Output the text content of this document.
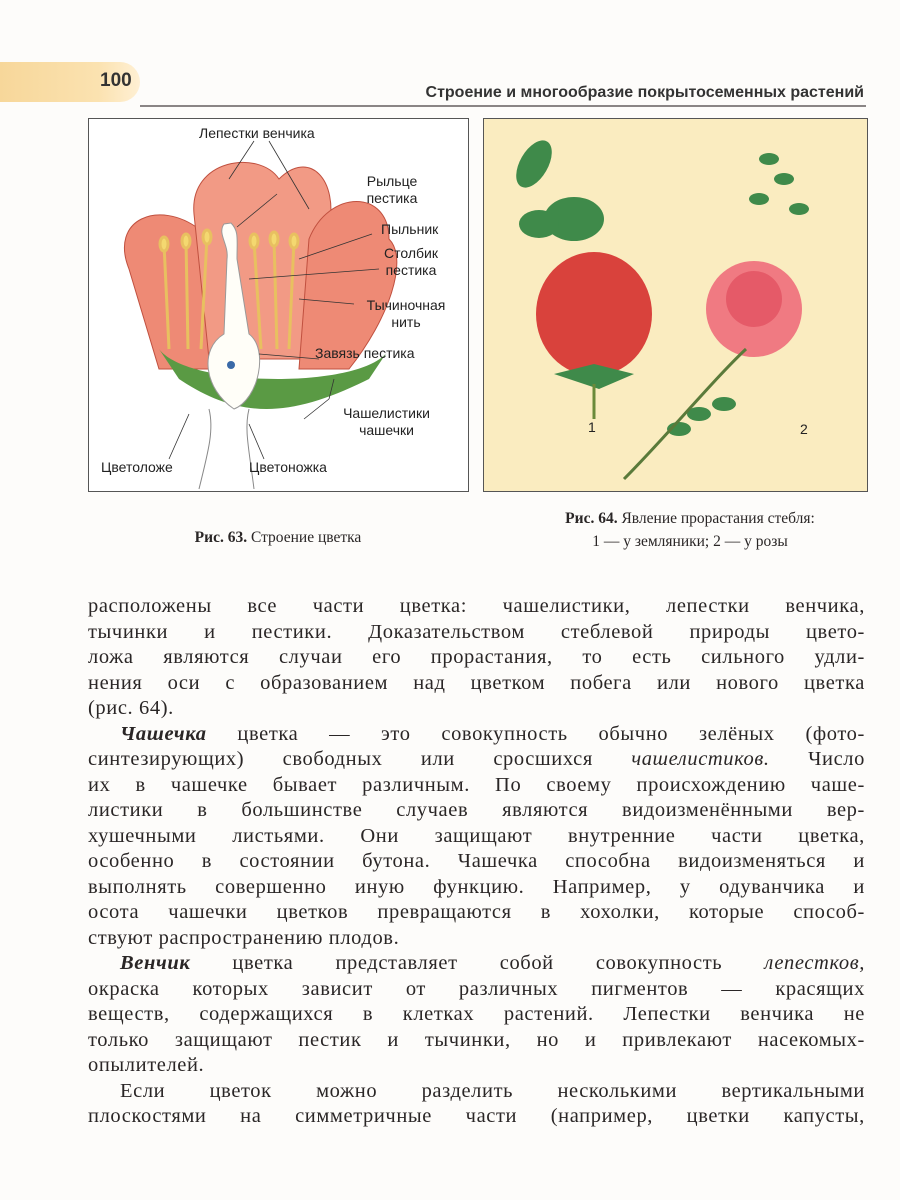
100
Строение и многообразие покрытосеменных растений
Лепестки венчика
Рыльце пестика
Пыльник
Столбик пестика
Тычиночная нить
Завязь пестика
Чашелистики чашечки
Цветоложе	Цветоножка
1	2
Рис. 63. Строение цветка
Рис. 64. Явление прорастания стебля:
1 — у земляники; 2 — у розы
расположены все части цветка: чашелистики, лепестки венчика,
тычинки и пестики. Доказательством стеблевой природы цвето-
ложа являются случаи его прорастания, то есть сильного удли-
нения оси с образованием над цветком побега или нового цветка
(рис. 64).
Чашечка цветка — это совокупность обычно зелёных (фото-
синтезирующих) свободных или сросшихся чашелистиков. Число
их в чашечке бывает различным. По своему происхождению чаше-
листики в большинстве случаев являются видоизменёнными вер-
хушечными листьями. Они защищают внутренние части цветка,
особенно в состоянии бутона. Чашечка способна видоизменяться и
выполнять совершенно иную функцию. Например, у одуванчика и
осота чашечки цветков превращаются в хохолки, которые способ-
ствуют распространению плодов.
Венчик цветка представляет собой совокупность лепестков,
окраска которых зависит от различных пигментов — красящих
веществ, содержащихся в клетках растений. Лепестки венчика не
только защищают пестик и тычинки, но и привлекают насекомых-
опылителей.
Если цветок можно разделить несколькими вертикальными
плоскостями на симметричные части (например, цветки капусты,
